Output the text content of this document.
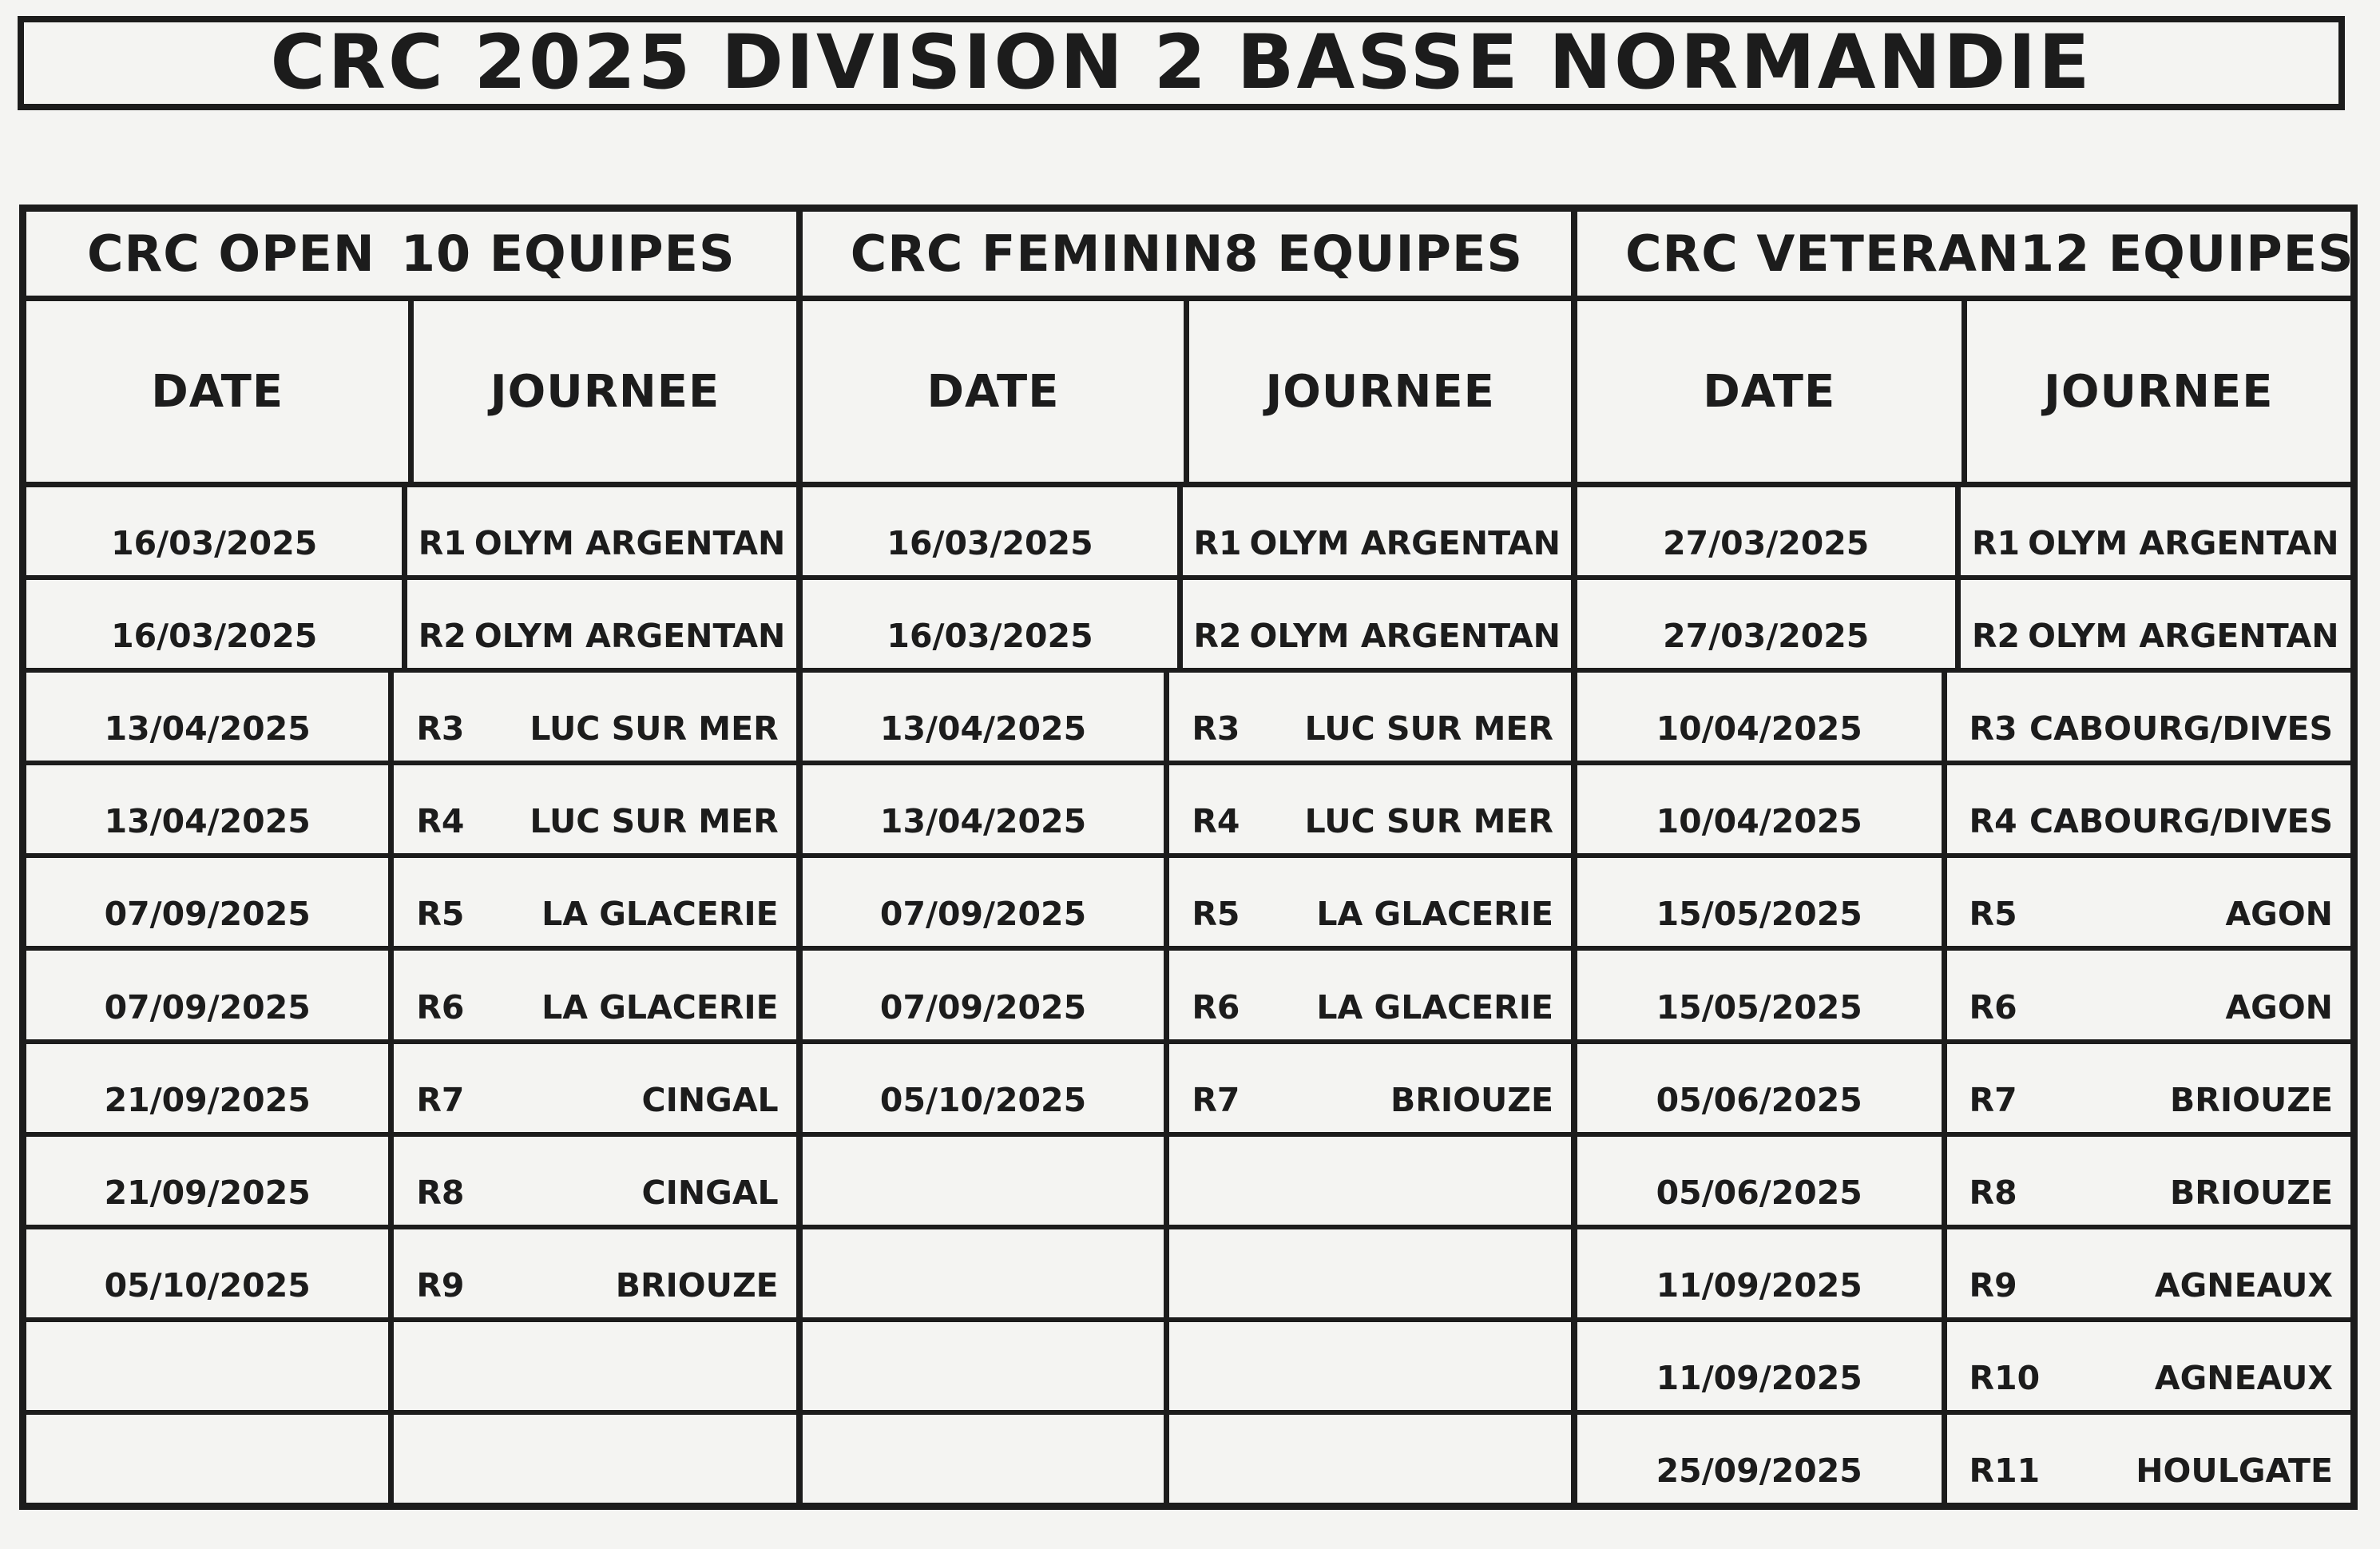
CRC 2025 DIVISION 2 BASSE NORMANDIE
CRC OPEN 10 EQUIPES
DATE	JOURNEE
16/03/2025	R1 OLYM ARGENTAN
16/03/2025	R2 OLYM ARGENTAN
13/04/2025	R3 LUC SUR MER
13/04/2025	R4 LUC SUR MER
07/09/2025	R5 LA GLACERIE
07/09/2025	R6 LA GLACERIE
21/09/2025	R7	CINGAL
21/09/2025	R8	CINGAL
05/10/2025	R9	BRIOUZE
CRC FEMININ 8 EQUIPES
DATE	JOURNEE
16/03/2025	R1 OLYM ARGENTAN
16/03/2025	R2 OLYM ARGENTAN
13/04/2025	R3 LUC SUR MER
13/04/2025	R4 LUC SUR MER
07/09/2025	R5 LA GLACERIE
07/09/2025	R6 LA GLACERIE
05/10/2025	R7	BRIOUZE
CRC VETERAN 12 EQUIPES
DATE	JOURNEE
27/03/2025	R1 OLYM ARGENTAN
27/03/2025	R2 OLYM ARGENTAN
10/04/2025	R3 CABOURG/DIVES
10/04/2025	R4 CABOURG/DIVES
15/05/2025	R5	AGON
15/05/2025	R6	AGON
05/06/2025	R7	BRIOUZE
05/06/2025	R8	BRIOUZE
11/09/2025	R9	AGNEAUX
11/09/2025	R10	AGNEAUX
25/09/2025	R11	HOULGATE
